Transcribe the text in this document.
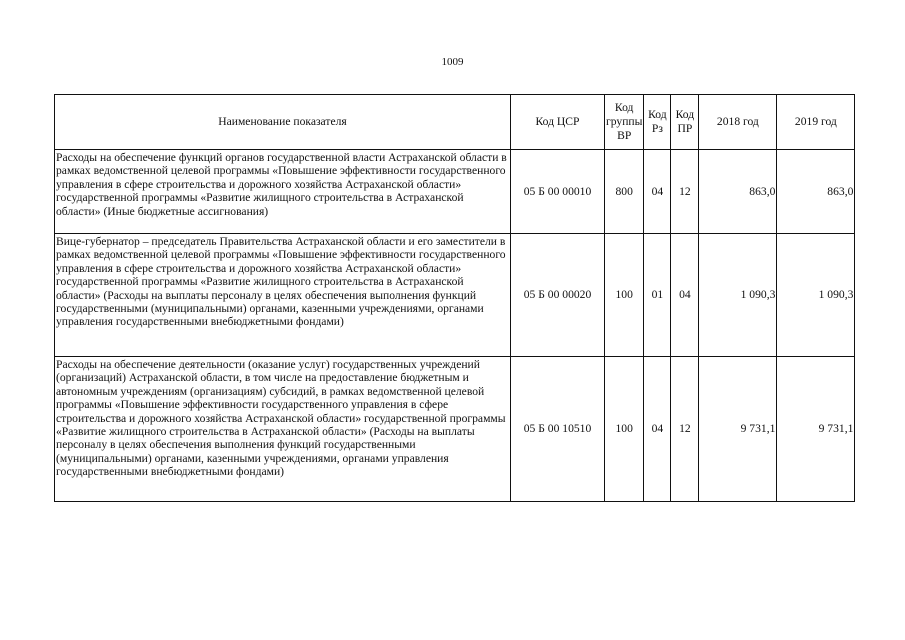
1009
Наименование показателя	Код ЦСР	Код группы ВР	Код Рз	Код ПР	2018 год	2019 год
Расходы на обеспечение функций органов государственной власти Астраханской области в рамках ведомственной целевой программы «Повышение эффективности государственного управления в сфере строительства и дорожного хозяйства Астраханской области» государственной программы «Развитие жилищного строительства в Астраханской области» (Иные бюджетные ассигнования)	05 Б 00 00010	800	04	12	863,0	863,0
Вице-губернатор – председатель Правительства Астраханской области и его заместители в рамках ведомственной целевой программы «Повышение эффективности государственного управления в сфере строительства и дорожного хозяйства Астраханской области» государственной программы «Развитие жилищного строительства в Астраханской области» (Расходы на выплаты персоналу в целях обеспечения выполнения функций государственными (муниципальными) органами, казенными учреждениями, органами управления государственными внебюджетными фондами)	05 Б 00 00020	100	01	04	1 090,3	1 090,3
Расходы на обеспечение деятельности (оказание услуг) государственных учреждений (организаций) Астраханской области, в том числе на предоставление бюджетным и автономным учреждениям (организациям) субсидий, в рамках ведомственной целевой программы «Повышение эффективности государственного управления в сфере строительства и дорожного хозяйства Астраханской области» государственной программы «Развитие жилищного строительства в Астраханской области» (Расходы на выплаты персоналу в целях обеспечения выполнения функций государственными (муниципальными) органами, казенными учреждениями, органами управления государственными внебюджетными фондами)	05 Б 00 10510	100	04	12	9 731,1	9 731,1
